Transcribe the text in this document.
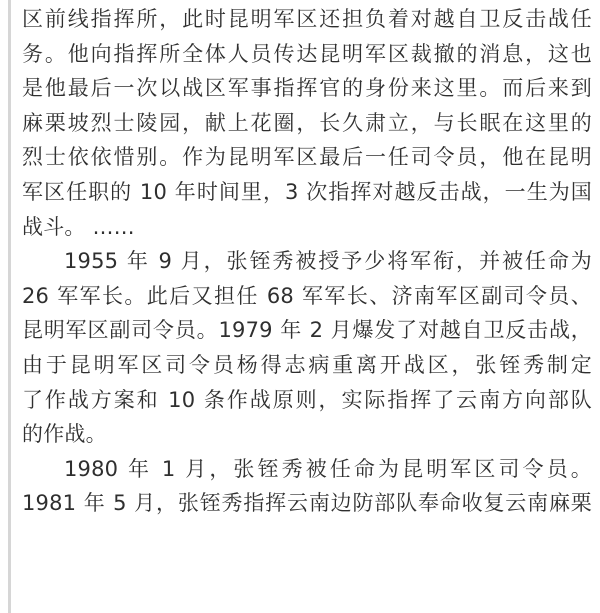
区前线指挥所，此时昆明军区还担负着对越自卫反击战任
务。他向指挥所全体人员传达昆明军区裁撤的消息，这也
是他最后一次以战区军事指挥官的身份来这里。而后来到
麻栗坡烈士陵园，献上花圈，长久肃立，与长眠在这里的
烈士依依惜别。作为昆明军区最后一任司令员，他在昆明
军区任职的 10 年时间里，3 次指挥对越反击战，一生为国
战斗。 ……
1955 年 9 月，张铚秀被授予少将军衔，并被任命为
26 军军长。此后又担任 68 军军长、济南军区副司令员、
昆明军区副司令员。1979 年 2 月爆发了对越自卫反击战，
由于昆明军区司令员杨得志病重离开战区，张铚秀制定
了作战方案和 10 条作战原则，实际指挥了云南方向部队
的作战。
1980 年 1 月，张铚秀被任命为昆明军区司令员。
1981 年 5 月，张铚秀指挥云南边防部队奉命收复云南麻栗
